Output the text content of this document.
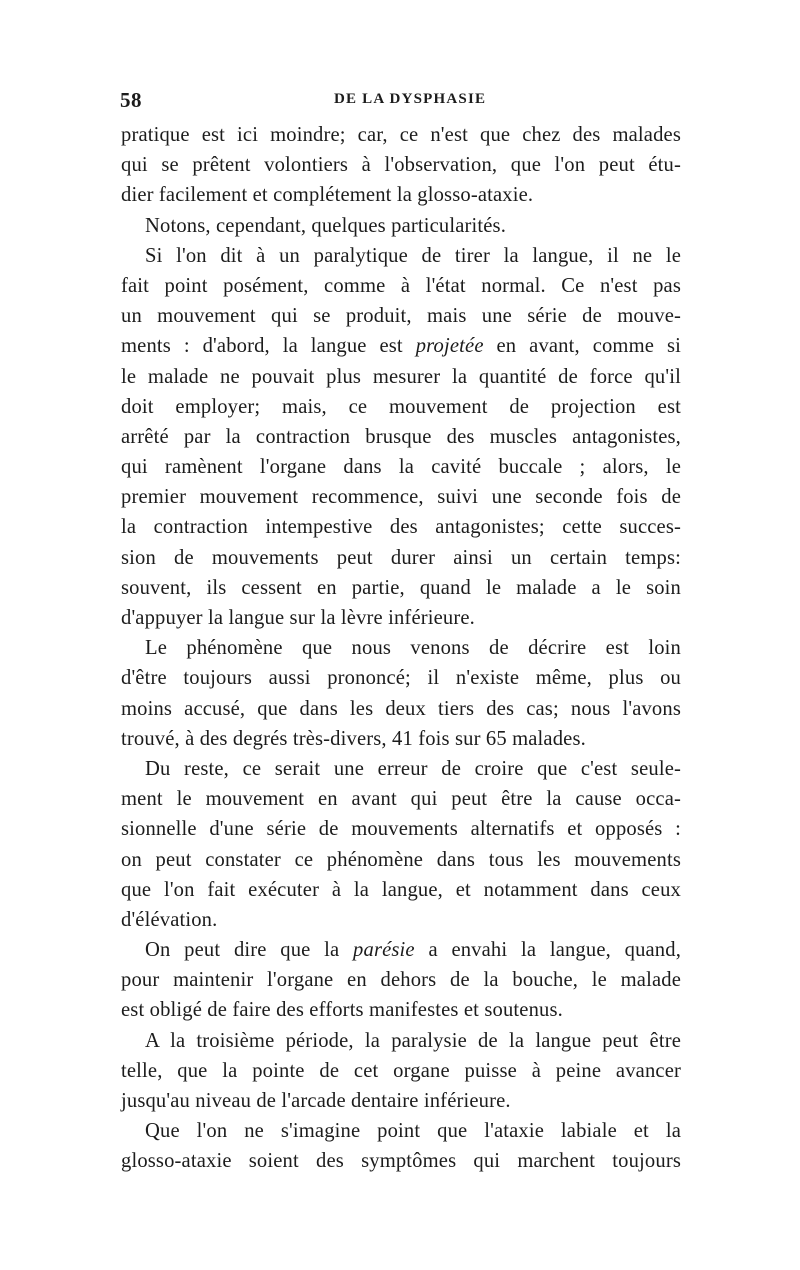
58	DE LA DYSPHASIE
pratique est ici moindre; car, ce n'est que chez des malades
qui se prêtent volontiers à l'observation, que l'on peut étu-
dier facilement et complétement la glosso-ataxie.
Notons, cependant, quelques particularités.
Si l'on dit à un paralytique de tirer la langue, il ne le
fait point posément, comme à l'état normal. Ce n'est pas
un mouvement qui se produit, mais une série de mouve-
ments : d'abord, la langue est projetée en avant, comme si
le malade ne pouvait plus mesurer la quantité de force qu'il
doit employer; mais, ce mouvement de projection est
arrêté par la contraction brusque des muscles antagonistes,
qui ramènent l'organe dans la cavité buccale ; alors, le
premier mouvement recommence, suivi une seconde fois de
la contraction intempestive des antagonistes; cette succes-
sion de mouvements peut durer ainsi un certain temps:
souvent, ils cessent en partie, quand le malade a le soin
d'appuyer la langue sur la lèvre inférieure.
Le phénomène que nous venons de décrire est loin
d'être toujours aussi prononcé; il n'existe même, plus ou
moins accusé, que dans les deux tiers des cas; nous l'avons
trouvé, à des degrés très-divers, 41 fois sur 65 malades.
Du reste, ce serait une erreur de croire que c'est seule-
ment le mouvement en avant qui peut être la cause occa-
sionnelle d'une série de mouvements alternatifs et opposés :
on peut constater ce phénomène dans tous les mouvements
que l'on fait exécuter à la langue, et notamment dans ceux
d'élévation.
On peut dire que la parésie a envahi la langue, quand,
pour maintenir l'organe en dehors de la bouche, le malade
est obligé de faire des efforts manifestes et soutenus.
A la troisième période, la paralysie de la langue peut être
telle, que la pointe de cet organe puisse à peine avancer
jusqu'au niveau de l'arcade dentaire inférieure.
Que l'on ne s'imagine point que l'ataxie labiale et la
glosso-ataxie soient des symptômes qui marchent toujours
